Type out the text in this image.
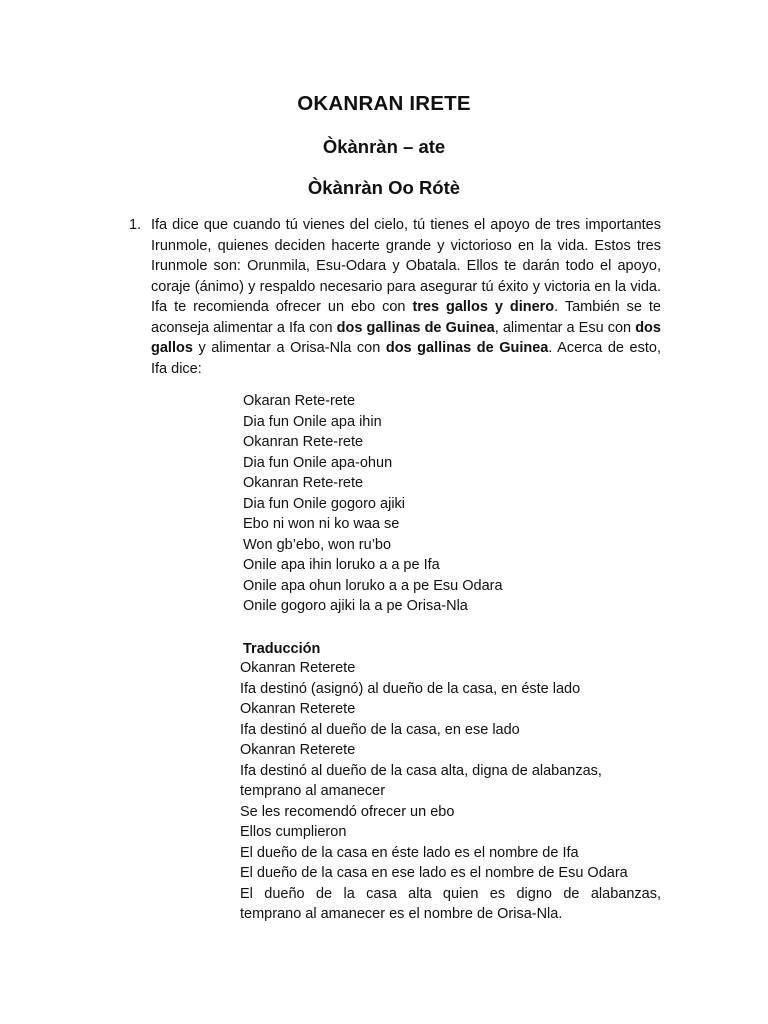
OKANRAN IRETE
Òkànràn – ate
Òkànràn Oo Rótè
1. Ifa dice que cuando tú vienes del cielo, tú tienes el apoyo de tres importantes Irunmole, quienes deciden hacerte grande y victorioso en la vida. Estos tres Irunmole son: Orunmila, Esu-Odara y Obatala. Ellos te darán todo el apoyo, coraje (ánimo) y respaldo necesario para asegurar tú éxito y victoria en la vida. Ifa te recomienda ofrecer un ebo con tres gallos y dinero. También se te aconseja alimentar a Ifa con dos gallinas de Guinea, alimentar a Esu con dos gallos y alimentar a Orisa-Nla con dos gallinas de Guinea. Acerca de esto, Ifa dice:
Okaran Rete-rete
Dia fun Onile apa ihin
Okanran Rete-rete
Dia fun Onile apa-ohun
Okanran Rete-rete
Dia fun Onile gogoro ajiki
Ebo ni won ni ko waa se
Won gb’ebo, won ru’bo
Onile apa ihin loruko a a pe Ifa
Onile apa ohun loruko a a pe Esu Odara
Onile gogoro ajiki la a pe Orisa-Nla
Traducción
Okanran Reterete
Ifa destinó (asignó) al dueño de la casa, en éste lado
Okanran Reterete
Ifa destinó al dueño de la casa, en ese lado
Okanran Reterete
Ifa destinó al dueño de la casa alta, digna de alabanzas,
temprano al amanecer
Se les recomendó ofrecer un ebo
Ellos cumplieron
El dueño de la casa en éste lado es el nombre de Ifa
El dueño de la casa en ese lado es el nombre de Esu Odara
El dueño de la casa alta quien es digno de alabanzas,
temprano al amanecer es el nombre de Orisa-Nla.
